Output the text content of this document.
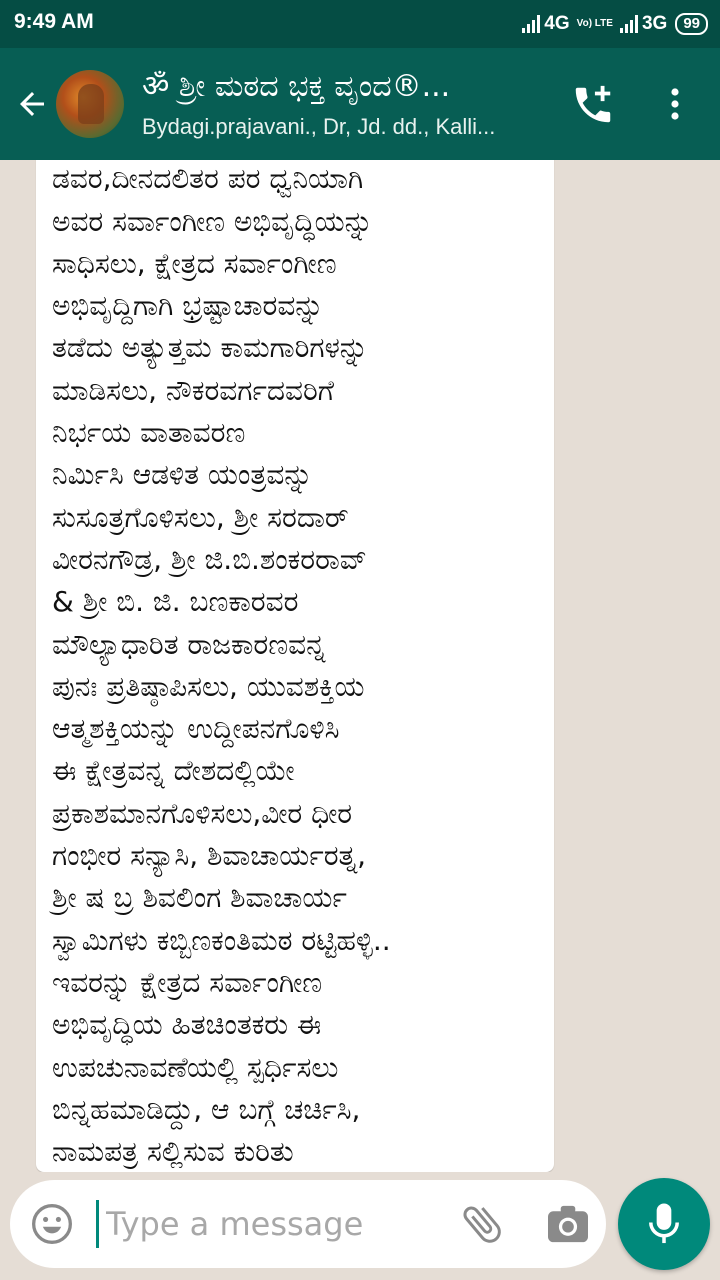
9:49 AM	4G Vo) LTE 3G	99
ॐ ಶ್ರೀ ಮಠದ ಭಕ್ತ ವೃಂದ®...
Bydagi.prajavani., Dr, Jd. dd., Kalli...
ಡವರ,ದೀನದಲಿತರ ಪರ ಧ್ವನಿಯಾಗಿ
ಅವರ ಸರ್ವಾಂಗೀಣ ಅಭಿವೃದ್ಧಿಯನ್ನು
ಸಾಧಿಸಲು, ಕ್ಷೇತ್ರದ ಸರ್ವಾಂಗೀಣ
ಅಭಿವೃದ್ದಿಗಾಗಿ ಭ್ರಷ್ಟಾಚಾರವನ್ನು
ತಡೆದು ಅತ್ಯುತ್ತಮ ಕಾಮಗಾರಿಗಳನ್ನು
ಮಾಡಿಸಲು, ನೌಕರವರ್ಗದವರಿಗೆ
ನಿರ್ಭಯ ವಾತಾವರಣ
ನಿರ್ಮಿಸಿ ಆಡಳಿತ ಯಂತ್ರವನ್ನು
ಸುಸೂತ್ರಗೊಳಿಸಲು, ಶ್ರೀ ಸರದಾರ್
ವೀರನಗೌಡ್ರ, ಶ್ರೀ ಜಿ.ಬಿ.ಶಂಕರರಾವ್
& ಶ್ರೀ ಬಿ. ಜಿ. ಬಣಕಾರವರ
ಮೌಲ್ಯಾಧಾರಿತ ರಾಜಕಾರಣವನ್ನ
ಪುನಃ ಪ್ರತಿಷ್ಠಾಪಿಸಲು, ಯುವಶಕ್ತಿಯ
ಆತ್ಮಶಕ್ತಿಯನ್ನು ಉದ್ದೀಪನಗೊಳಿಸಿ
ಈ ಕ್ಷೇತ್ರವನ್ನ ದೇಶದಲ್ಲಿಯೇ
ಪ್ರಕಾಶಮಾನಗೊಳಿಸಲು,ವೀರ ಧೀರ
ಗಂಭೀರ ಸನ್ಯಾಸಿ, ಶಿವಾಚಾರ್ಯರತ್ನ,
ಶ್ರೀ ಷ ಬ್ರ ಶಿವಲಿಂಗ ಶಿವಾಚಾರ್ಯ
ಸ್ವಾಮಿಗಳು ಕಬ್ಬಿಣಕಂತಿಮಠ ರಟ್ಟಿಹಳ್ಳಿ..
ಇವರನ್ನು ಕ್ಷೇತ್ರದ ಸರ್ವಾಂಗೀಣ
ಅಭಿವೃದ್ಧಿಯ ಹಿತಚಿಂತಕರು ಈ
ಉಪಚುನಾವಣೆಯಲ್ಲಿ ಸ್ಪರ್ಧಿಸಲು
ಬಿನ್ನಹಮಾಡಿದ್ದು, ಆ ಬಗ್ಗೆ ಚರ್ಚಿಸಿ,
ನಾಮಪತ್ರ ಸಲ್ಲಿಸುವ ಕುರಿತು
Type a message
